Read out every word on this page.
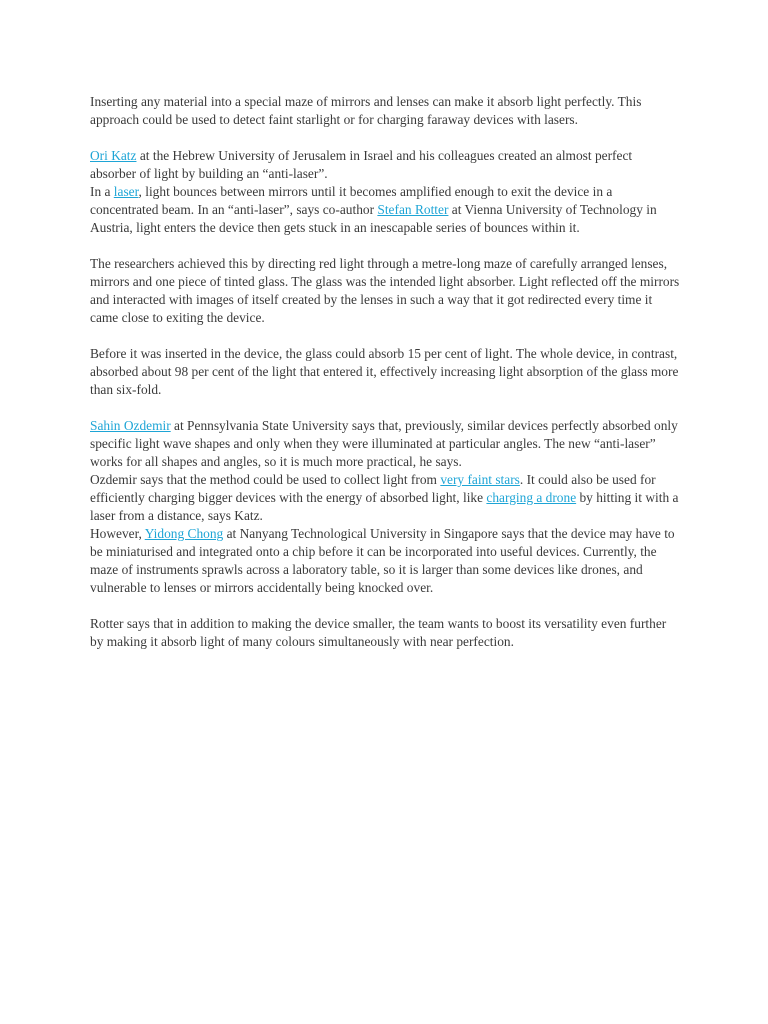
Inserting any material into a special maze of mirrors and lenses can make it absorb light perfectly. This approach could be used to detect faint starlight or for charging faraway devices with lasers.

Ori Katz at the Hebrew University of Jerusalem in Israel and his colleagues created an almost perfect absorber of light by building an “anti-laser”.

In a laser, light bounces between mirrors until it becomes amplified enough to exit the device in a concentrated beam. In an “anti-laser”, says co-author Stefan Rotter at Vienna University of Technology in Austria, light enters the device then gets stuck in an inescapable series of bounces within it.

The researchers achieved this by directing red light through a metre-long maze of carefully arranged lenses, mirrors and one piece of tinted glass. The glass was the intended light absorber. Light reflected off the mirrors and interacted with images of itself created by the lenses in such a way that it got redirected every time it came close to exiting the device.

Before it was inserted in the device, the glass could absorb 15 per cent of light. The whole device, in contrast, absorbed about 98 per cent of the light that entered it, effectively increasing light absorption of the glass more than six-fold.

Sahin Ozdemir at Pennsylvania State University says that, previously, similar devices perfectly absorbed only specific light wave shapes and only when they were illuminated at particular angles. The new “anti-laser” works for all shapes and angles, so it is much more practical, he says.

Ozdemir says that the method could be used to collect light from very faint stars. It could also be used for efficiently charging bigger devices with the energy of absorbed light, like charging a drone by hitting it with a laser from a distance, says Katz.

However, Yidong Chong at Nanyang Technological University in Singapore says that the device may have to be miniaturised and integrated onto a chip before it can be incorporated into useful devices. Currently, the maze of instruments sprawls across a laboratory table, so it is larger than some devices like drones, and vulnerable to lenses or mirrors accidentally being knocked over.

Rotter says that in addition to making the device smaller, the team wants to boost its versatility even further by making it absorb light of many colours simultaneously with near perfection.
